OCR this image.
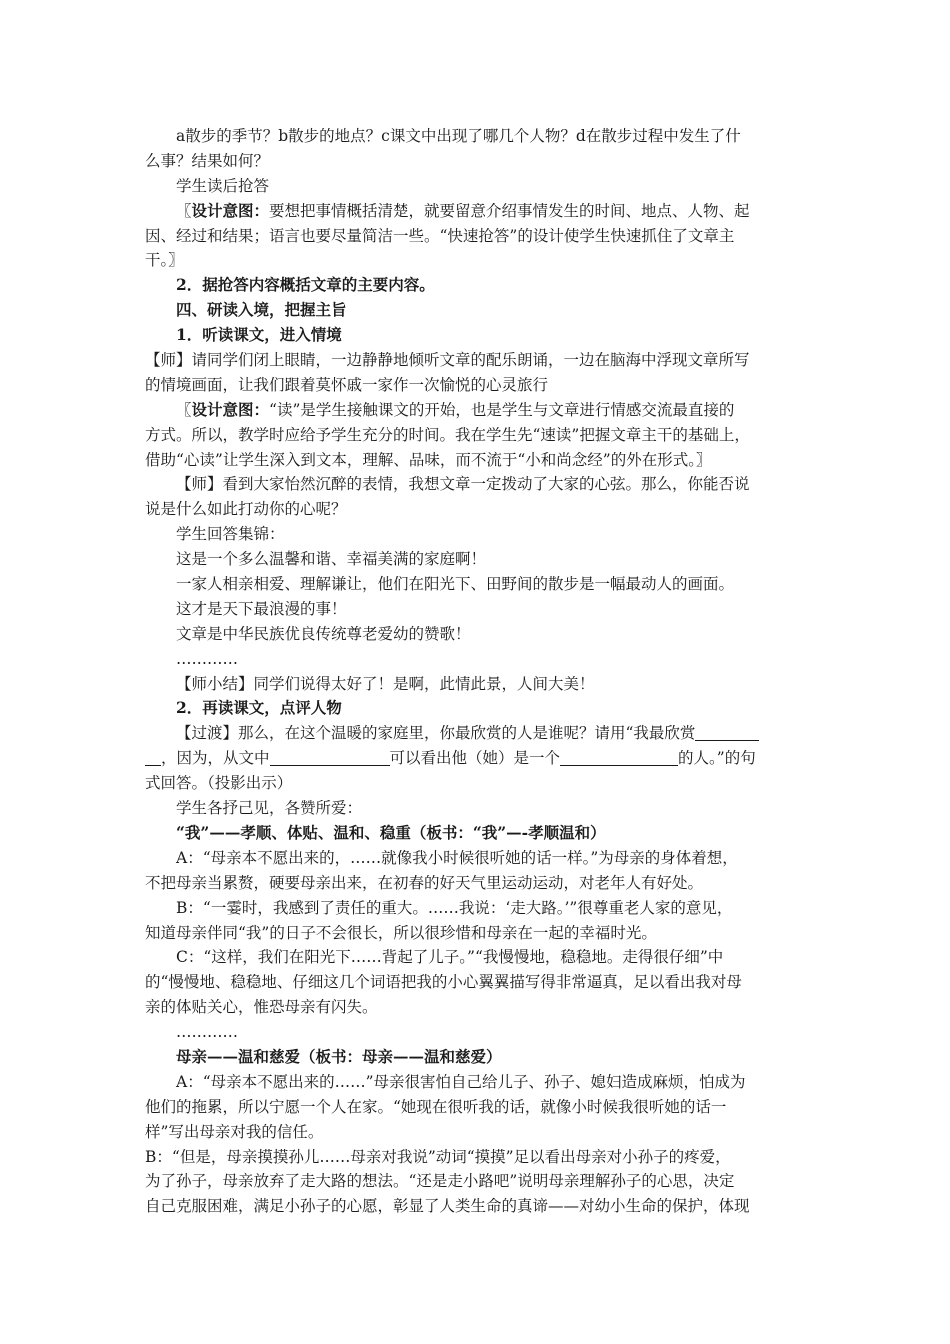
a散步的季节？b散步的地点？c课文中出现了哪几个人物？d在散步过程中发生了什
么事？结果如何？
学生读后抢答
〖设计意图：要想把事情概括清楚，就要留意介绍事情发生的时间、地点、人物、起
因、经过和结果；语言也要尽量简洁一些。“快速抢答”的设计使学生快速抓住了文章主
干。〗
2．据抢答内容概括文章的主要内容。
四、研读入境，把握主旨
1．听读课文，进入情境
【师】请同学们闭上眼睛，一边静静地倾听文章的配乐朗诵，一边在脑海中浮现文章所写
的情境画面，让我们跟着莫怀戚一家作一次愉悦的心灵旅行
〖设计意图：“读”是学生接触课文的开始，也是学生与文章进行情感交流最直接的
方式。所以，教学时应给予学生充分的时间。我在学生先“速读”把握文章主干的基础上，
借助“心读”让学生深入到文本，理解、品味，而不流于“小和尚念经”的外在形式。〗
【师】看到大家怡然沉醉的表情，我想文章一定拨动了大家的心弦。那么，你能否说
说是什么如此打动你的心呢？
学生回答集锦：
这是一个多么温馨和谐、幸福美满的家庭啊！
一家人相亲相爱、理解谦让，他们在阳光下、田野间的散步是一幅最动人的画面。
这才是天下最浪漫的事！
文章是中华民族优良传统尊老爱幼的赞歌！
…………
【师小结】同学们说得太好了！是啊，此情此景，人间大美！
2．再读课文，点评人物
【过渡】那么，在这个温暖的家庭里，你最欣赏的人是谁呢？请用“我最欣赏
，因为，从文中	可以看出他（她）是一个	的人。”的句
式回答。（投影出示）
学生各抒己见，各赞所爱：
“我”——孝顺、体贴、温和、稳重（板书：“我”—-孝顺温和）
A：“母亲本不愿出来的，……就像我小时候很听她的话一样。”为母亲的身体着想，
不把母亲当累赘，硬要母亲出来，在初春的好天气里运动运动，对老年人有好处。
B：“一霎时，我感到了责任的重大。……我说：‘走大路。’”很尊重老人家的意见，
知道母亲伴同“我”的日子不会很长，所以很珍惜和母亲在一起的幸福时光。
C：“这样，我们在阳光下……背起了儿子。”“我慢慢地，稳稳地。走得很仔细”中
的“慢慢地、稳稳地、仔细这几个词语把我的小心翼翼描写得非常逼真，足以看出我对母
亲的体贴关心，惟恐母亲有闪失。
…………
母亲——温和慈爱（板书：母亲——温和慈爱）
A：“母亲本不愿出来的……”母亲很害怕自己给儿子、孙子、媳妇造成麻烦，怕成为
他们的拖累，所以宁愿一个人在家。“她现在很听我的话，就像小时候我很听她的话一
样”写出母亲对我的信任。
B：“但是，母亲摸摸孙儿……母亲对我说”动词“摸摸”足以看出母亲对小孙子的疼爱，
为了孙子，母亲放弃了走大路的想法。“还是走小路吧”说明母亲理解孙子的心思，决定
自己克服困难，满足小孙子的心愿，彰显了人类生命的真谛——对幼小生命的保护，体现
